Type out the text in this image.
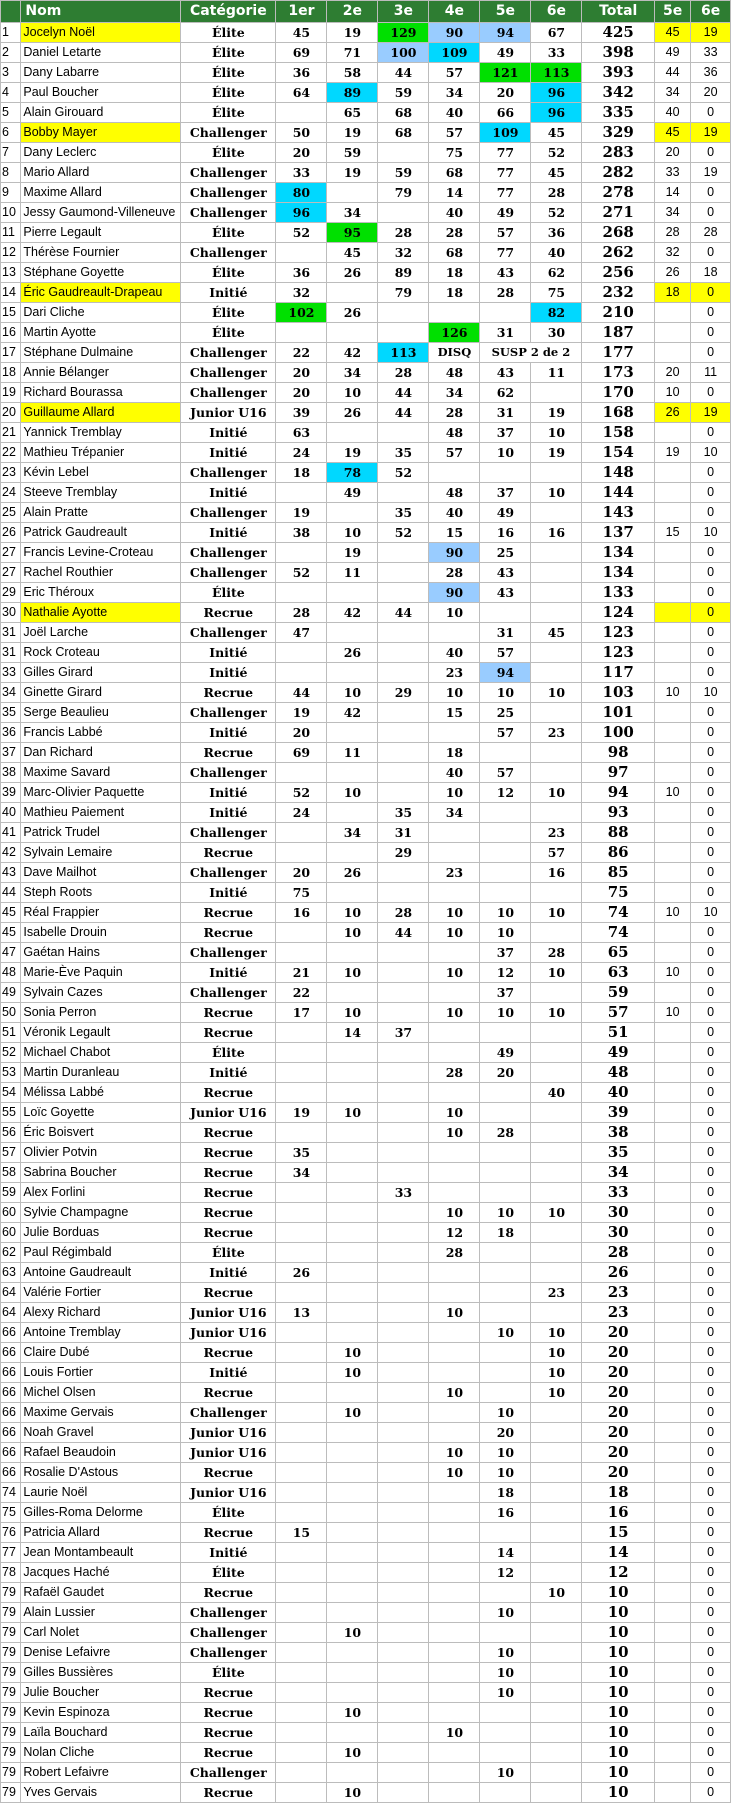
	Nom	Catégorie	1er	2e	3e	4e	5e	6e	Total	5e	6e
1	Jocelyn Noël	Élite	45	19	129	90	94	67	425	45	19
2	Daniel Letarte	Élite	69	71	100	109	49	33	398	49	33
3	Dany Labarre	Élite	36	58	44	57	121	113	393	44	36
4	Paul Boucher	Élite	64	89	59	34	20	96	342	34	20
5	Alain Girouard	Élite		65	68	40	66	96	335	40	0
6	Bobby Mayer	Challenger	50	19	68	57	109	45	329	45	19
7	Dany Leclerc	Élite	20	59		75	77	52	283	20	0
8	Mario Allard	Challenger	33	19	59	68	77	45	282	33	19
9	Maxime Allard	Challenger	80		79	14	77	28	278	14	0
10	Jessy Gaumond-Villeneuve	Challenger	96	34		40	49	52	271	34	0
11	Pierre Legault	Élite	52	95	28	28	57	36	268	28	28
12	Thérèse Fournier	Challenger		45	32	68	77	40	262	32	0
13	Stéphane Goyette	Élite	36	26	89	18	43	62	256	26	18
14	Éric Gaudreault-Drapeau	Initié	32		79	18	28	75	232	18	0
15	Dari Cliche	Élite	102	26				82	210		0
16	Martin Ayotte	Élite				126	31	30	187		0
17	Stéphane Dulmaine	Challenger	22	42	113	DISQ	SUSP 2 de 2		177		0
18	Annie Bélanger	Challenger	20	34	28	48	43	11	173	20	11
19	Richard Bourassa	Challenger	20	10	44	34	62		170	10	0
20	Guillaume Allard	Junior U16	39	26	44	28	31	19	168	26	19
21	Yannick Tremblay	Initié	63			48	37	10	158		0
22	Mathieu Trépanier	Initié	24	19	35	57	10	19	154	19	10
23	Kévin Lebel	Challenger	18	78	52				148		0
24	Steeve Tremblay	Initié		49		48	37	10	144		0
25	Alain Pratte	Challenger	19		35	40	49		143		0
26	Patrick Gaudreault	Initié	38	10	52	15	16	16	137	15	10
27	Francis Levine-Croteau	Challenger		19		90	25		134		0
27	Rachel Routhier	Challenger	52	11		28	43		134		0
29	Eric Théroux	Élite				90	43		133		0
30	Nathalie Ayotte	Recrue	28	42	44	10			124		0
31	Joël Larche	Challenger	47				31	45	123		0
31	Rock Croteau	Initié		26		40	57		123		0
33	Gilles Girard	Initié				23	94		117		0
34	Ginette Girard	Recrue	44	10	29	10	10	10	103	10	10
35	Serge Beaulieu	Challenger	19	42		15	25		101		0
36	Francis Labbé	Initié	20				57	23	100		0
37	Dan Richard	Recrue	69	11		18			98		0
38	Maxime Savard	Challenger				40	57		97		0
39	Marc-Olivier Paquette	Initié	52	10		10	12	10	94	10	0
40	Mathieu Paiement	Initié	24		35	34			93		0
41	Patrick Trudel	Challenger		34	31			23	88		0
42	Sylvain Lemaire	Recrue			29			57	86		0
43	Dave Mailhot	Challenger	20	26		23		16	85		0
44	Steph Roots	Initié	75						75		0
45	Réal Frappier	Recrue	16	10	28	10	10	10	74	10	10
45	Isabelle Drouin	Recrue		10	44	10	10		74		0
47	Gaétan Hains	Challenger					37	28	65		0
48	Marie-Ève Paquin	Initié	21	10		10	12	10	63	10	0
49	Sylvain Cazes	Challenger	22				37		59		0
50	Sonia Perron	Recrue	17	10		10	10	10	57	10	0
51	Véronik Legault	Recrue		14	37				51		0
52	Michael Chabot	Élite					49		49		0
53	Martin Duranleau	Initié				28	20		48		0
54	Mélissa Labbé	Recrue						40	40		0
55	Loïc Goyette	Junior U16	19	10		10			39		0
56	Éric Boisvert	Recrue				10	28		38		0
57	Olivier Potvin	Recrue	35						35		0
58	Sabrina Boucher	Recrue	34						34		0
59	Alex Forlini	Recrue			33				33		0
60	Sylvie Champagne	Recrue				10	10	10	30		0
60	Julie Borduas	Recrue				12	18		30		0
62	Paul Régimbald	Élite				28			28		0
63	Antoine Gaudreault	Initié	26						26		0
64	Valérie Fortier	Recrue						23	23		0
64	Alexy Richard	Junior U16	13			10			23		0
66	Antoine Tremblay	Junior U16					10	10	20		0
66	Claire Dubé	Recrue		10				10	20		0
66	Louis Fortier	Initié		10				10	20		0
66	Michel Olsen	Recrue				10		10	20		0
66	Maxime Gervais	Challenger		10			10		20		0
66	Noah Gravel	Junior U16					20		20		0
66	Rafael Beaudoin	Junior U16				10	10		20		0
66	Rosalie D'Astous	Recrue				10	10		20		0
74	Laurie Noël	Junior U16					18		18		0
75	Gilles-Roma Delorme	Élite					16		16		0
76	Patricia Allard	Recrue	15						15		0
77	Jean Montambeault	Initié					14		14		0
78	Jacques Haché	Élite					12		12		0
79	Rafaël Gaudet	Recrue						10	10		0
79	Alain Lussier	Challenger					10		10		0
79	Carl Nolet	Challenger		10					10		0
79	Denise Lefaivre	Challenger					10		10		0
79	Gilles Bussières	Élite					10		10		0
79	Julie Boucher	Recrue					10		10		0
79	Kevin Espinoza	Recrue		10					10		0
79	Laïla Bouchard	Recrue				10			10		0
79	Nolan Cliche	Recrue		10					10		0
79	Robert Lefaivre	Challenger					10		10		0
79	Yves Gervais	Recrue		10					10		0
